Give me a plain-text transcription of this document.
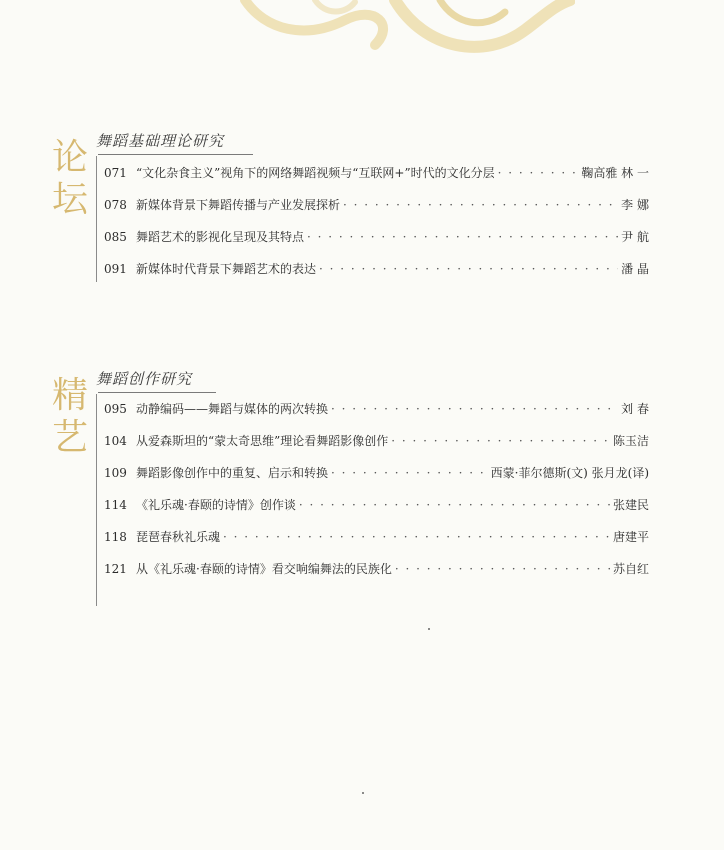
论
坛
舞蹈基础理论研究
071 “文化杂食主义”视角下的网络舞蹈视频与“互联网+”时代的文化分层 · · ·	鞠高雅 林 一
078 新媒体背景下舞蹈传播与产业发展探析 · · ·	李 娜
085 舞蹈艺术的影视化呈现及其特点 · · ·	尹 航
091 新媒体时代背景下舞蹈艺术的表达 · · ·	潘 晶
精
艺
舞蹈创作研究
095 动静编码——舞蹈与媒体的两次转换 · · ·	刘 春
104 从爱森斯坦的“蒙太奇思维”理论看舞蹈影像创作 · · ·	陈玉洁
109 舞蹈影像创作中的重复、启示和转换 · · ·	西蒙·菲尔德斯(文) 张月龙(译)
114 《礼乐魂·春颐的诗情》创作谈 · · ·	张建民
118 琵琶春秋礼乐魂 · · ·	唐建平
121 从《礼乐魂·春颐的诗情》看交响编舞法的民族化 · · ·	苏自红
